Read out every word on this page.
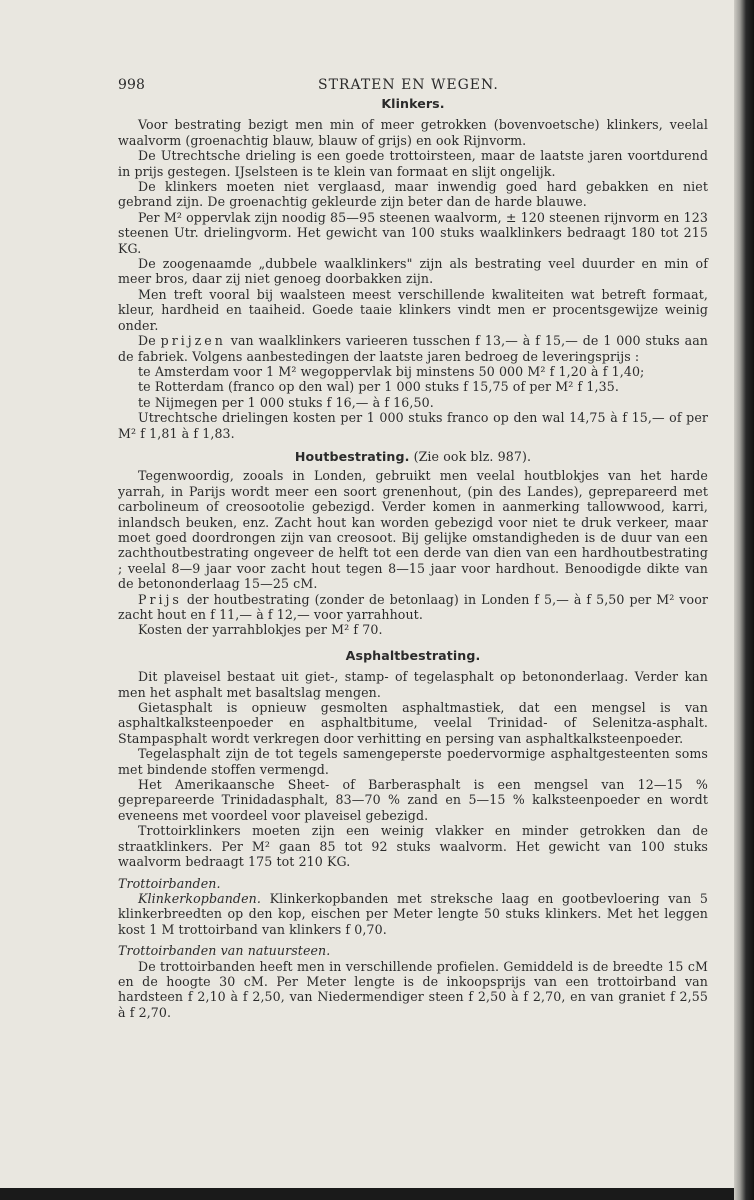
998	STRATEN EN WEGEN.
Klinkers.

Voor bestrating bezigt men min of meer getrokken (bovenvoetsche) klinkers, veelal waalvorm (groenachtig blauw, blauw of grijs) en ook Rijnvorm.

De Utrechtsche drieling is een goede trottoirsteen, maar de laatste jaren voortdurend in prijs gestegen. IJselsteen is te klein van formaat en slijt ongelijk.

De klinkers moeten niet verglaasd, maar inwendig goed hard gebakken en niet gebrand zijn. De groenachtig gekleurde zijn beter dan de harde blauwe.

Per M² oppervlak zijn noodig 85—95 steenen waalvorm, ± 120 steenen rijnvorm en 123 steenen Utr. drielingvorm. Het gewicht van 100 stuks waalklinkers bedraagt 180 tot 215 KG.

De zoogenaamde „dubbele waalklinkers" zijn als bestrating veel duurder en min of meer bros, daar zij niet genoeg doorbakken zijn.

Men treft vooral bij waalsteen meest verschillende kwaliteiten wat betreft formaat, kleur, hardheid en taaiheid. Goede taaie klinkers vindt men er procentsgewijze weinig onder.

De prijzen van waalklinkers varieeren tusschen f 13,— à f 15,— de 1 000 stuks aan de fabriek. Volgens aanbestedingen der laatste jaren bedroeg de leveringsprijs :

te Amsterdam voor 1 M² wegoppervlak bij minstens 50 000 M² f 1,20 à f 1,40;

te Rotterdam (franco op den wal) per 1 000 stuks f 15,75 of per M² f 1,35.

te Nijmegen per 1 000 stuks f 16,— à f 16,50.

Utrechtsche drielingen kosten per 1 000 stuks franco op den wal 14,75 à f 15,— of per M² f 1,81 à f 1,83.

Houtbestrating. (Zie ook blz. 987).

Tegenwoordig, zooals in Londen, gebruikt men veelal houtblokjes van het harde yarrah, in Parijs wordt meer een soort grenenhout, (pin des Landes), geprepareerd met carbolineum of creosootolie gebezigd. Verder komen in aanmerking tallowwood, karri, inlandsch beuken, enz. Zacht hout kan worden gebezigd voor niet te druk verkeer, maar moet goed doordrongen zijn van creosoot. Bij gelijke omstandigheden is de duur van een zachthoutbestrating ongeveer de helft tot een derde van dien van een hardhoutbestrating ; veelal 8—9 jaar voor zacht hout tegen 8—15 jaar voor hardhout. Benoodigde dikte van de betononderlaag 15—25 cM.

Prijs der houtbestrating (zonder de betonlaag) in Londen f 5,— à f 5,50 per M² voor zacht hout en f 11,— à f 12,— voor yarrahhout.

Kosten der yarrahblokjes per M² f 70.

Asphaltbestrating.

Dit plaveisel bestaat uit giet-, stamp- of tegelasphalt op betononderlaag. Verder kan men het asphalt met basaltslag mengen.

Gietasphalt is opnieuw gesmolten asphaltmastiek, dat een mengsel is van asphaltkalksteenpoeder en asphaltbitume, veelal Trinidad- of Selenitza-asphalt. Stampasphalt wordt verkregen door verhitting en persing van asphaltkalksteenpoeder.

Tegelasphalt zijn de tot tegels samengeperste poedervormige asphaltgesteenten soms met bindende stoffen vermengd.

Het Amerikaansche Sheet- of Barberasphalt is een mengsel van 12—15 % geprepareerde Trinidadasphalt, 83—70 % zand en 5—15 % kalksteenpoeder en wordt eveneens met voordeel voor plaveisel gebezigd.

Trottoirklinkers moeten zijn een weinig vlakker en minder getrokken dan de straatklinkers. Per M² gaan 85 tot 92 stuks waalvorm. Het gewicht van 100 stuks waalvorm bedraagt 175 tot 210 KG.

Trottoirbanden.

Klinkerkopbanden. Klinkerkopbanden met streksche laag en gootbevloering van 5 klinkerbreedten op den kop, eischen per Meter lengte 50 stuks klinkers. Met het leggen kost 1 M trottoirband van klinkers f 0,70.

Trottoirbanden van natuursteen.

De trottoirbanden heeft men in verschillende profielen. Gemiddeld is de breedte 15 cM en de hoogte 30 cM. Per Meter lengte is de inkoopsprijs van een trottoirband van hardsteen f 2,10 à f 2,50, van Niedermendiger steen f 2,50 à f 2,70, en van graniet f 2,55 à f 2,70.
